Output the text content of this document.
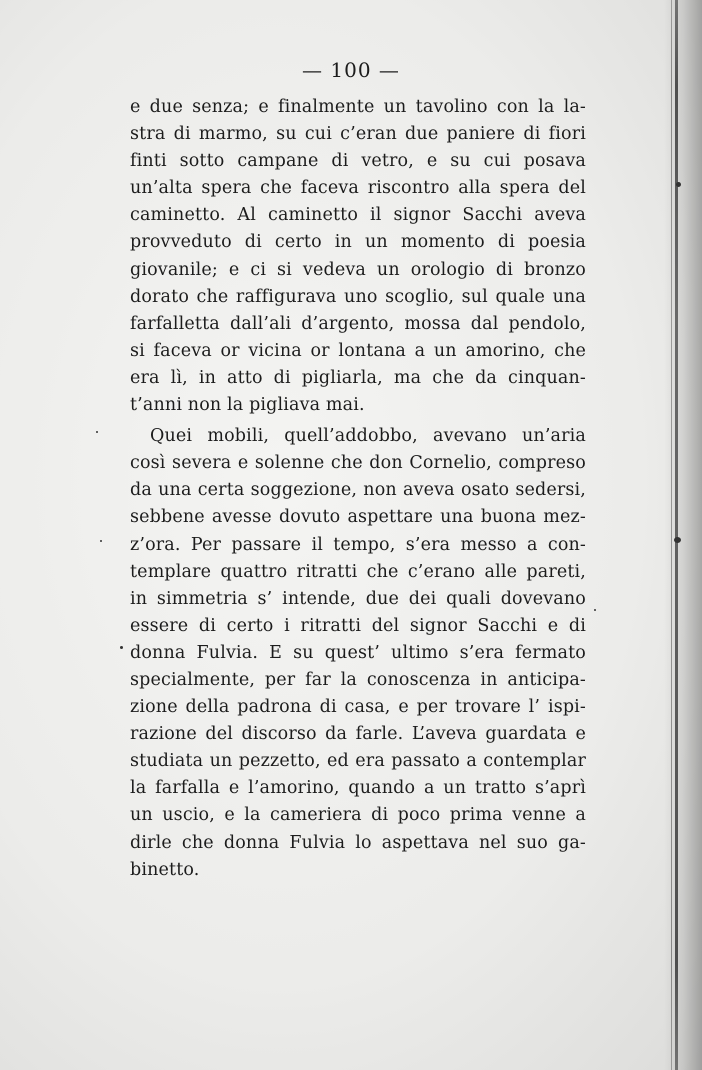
— 100 —
e due senza; e finalmente un tavolino con la la-
stra di marmo, su cui c’eran due paniere di fiori
finti sotto campane di vetro, e su cui posava
un’alta spera che faceva riscontro alla spera del
caminetto. Al caminetto il signor Sacchi aveva
provveduto di certo in un momento di poesia
giovanile; e ci si vedeva un orologio di bronzo
dorato che raffigurava uno scoglio, sul quale una
farfalletta dall’ali d’argento, mossa dal pendolo,
si faceva or vicina or lontana a un amorino, che
era lì, in atto di pigliarla, ma che da cinquan-
t’anni non la pigliava mai.
Quei mobili, quell’addobbo, avevano un’aria
così severa e solenne che don Cornelio, compreso
da una certa soggezione, non aveva osato sedersi,
sebbene avesse dovuto aspettare una buona mez-
z’ora. Per passare il tempo, s’era messo a con-
templare quattro ritratti che c’erano alle pareti,
in simmetria s’ intende, due dei quali dovevano
essere di certo i ritratti del signor Sacchi e di
donna Fulvia. E su quest’ ultimo s’era fermato
specialmente, per far la conoscenza in anticipa-
zione della padrona di casa, e per trovare l’ ispi-
razione del discorso da farle. L’aveva guardata e
studiata un pezzetto, ed era passato a contemplar
la farfalla e l’amorino, quando a un tratto s’aprì
un uscio, e la cameriera di poco prima venne a
dirle che donna Fulvia lo aspettava nel suo ga-
binetto.
